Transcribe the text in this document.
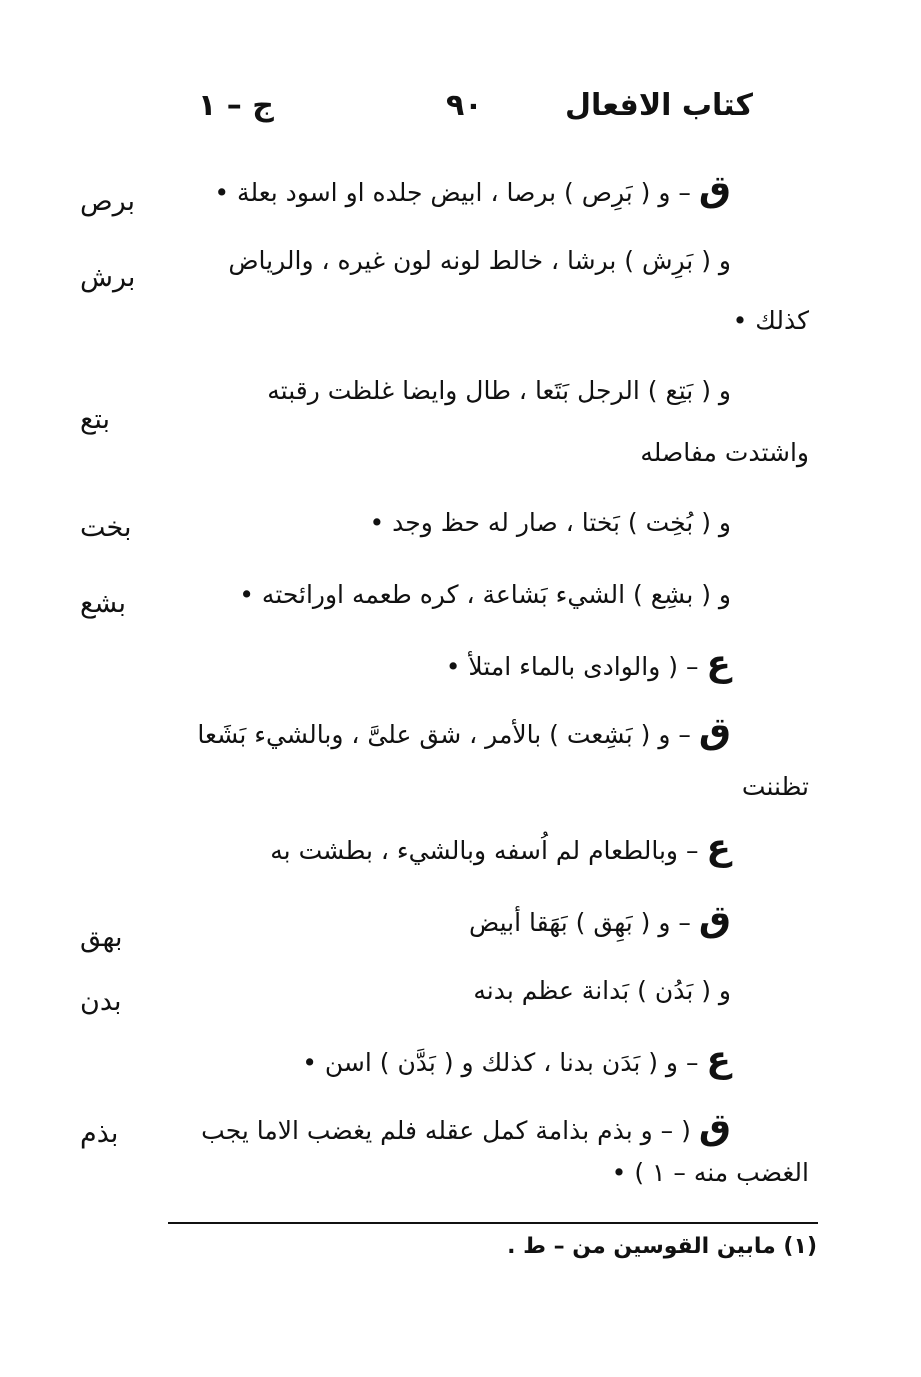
كتاب الافعال
٩٠
ج – ١
ق – و ( بَرِص ) برصا ، ابيض جلده او اسود بعلة •
برص
و ( بَرِش ) برشا ، خالط لونه لون غيره ، والرياض
برش
كذلك •
و ( بَتِع ) الرجل بَتَعا ، طال وايضا غلظت رقبته
بتع
واشتدت مفاصله
و ( بُخِت ) بَختا ، صار له حظ وجد •
بخت
و ( بشِع ) الشيء بَشاعة ، كره طعمه اورائحته •
بشع
ع – ( والوادى بالماء امتلأ •
ق – و ( بَشِعت ) بالأمر ، شق علىَّ ، وبالشيء بَشَعا
تظننت
ع – وبالطعام لم اُسفه وبالشيء ، بطشت به
ق – و ( بَهِق ) بَهَقا أبيض
بهق
و ( بَدُن ) بَدانة عظم بدنه
بدن
ع – و ( بَدَن بدنا ، كذلك و ( بَدَّن ) اسن •
ق ( – و بذم بذامة كمل عقله فلم يغضب الاما يجب
بذم
الغضب منه – ١ ) •
(١) مابين القوسين من – ط .
